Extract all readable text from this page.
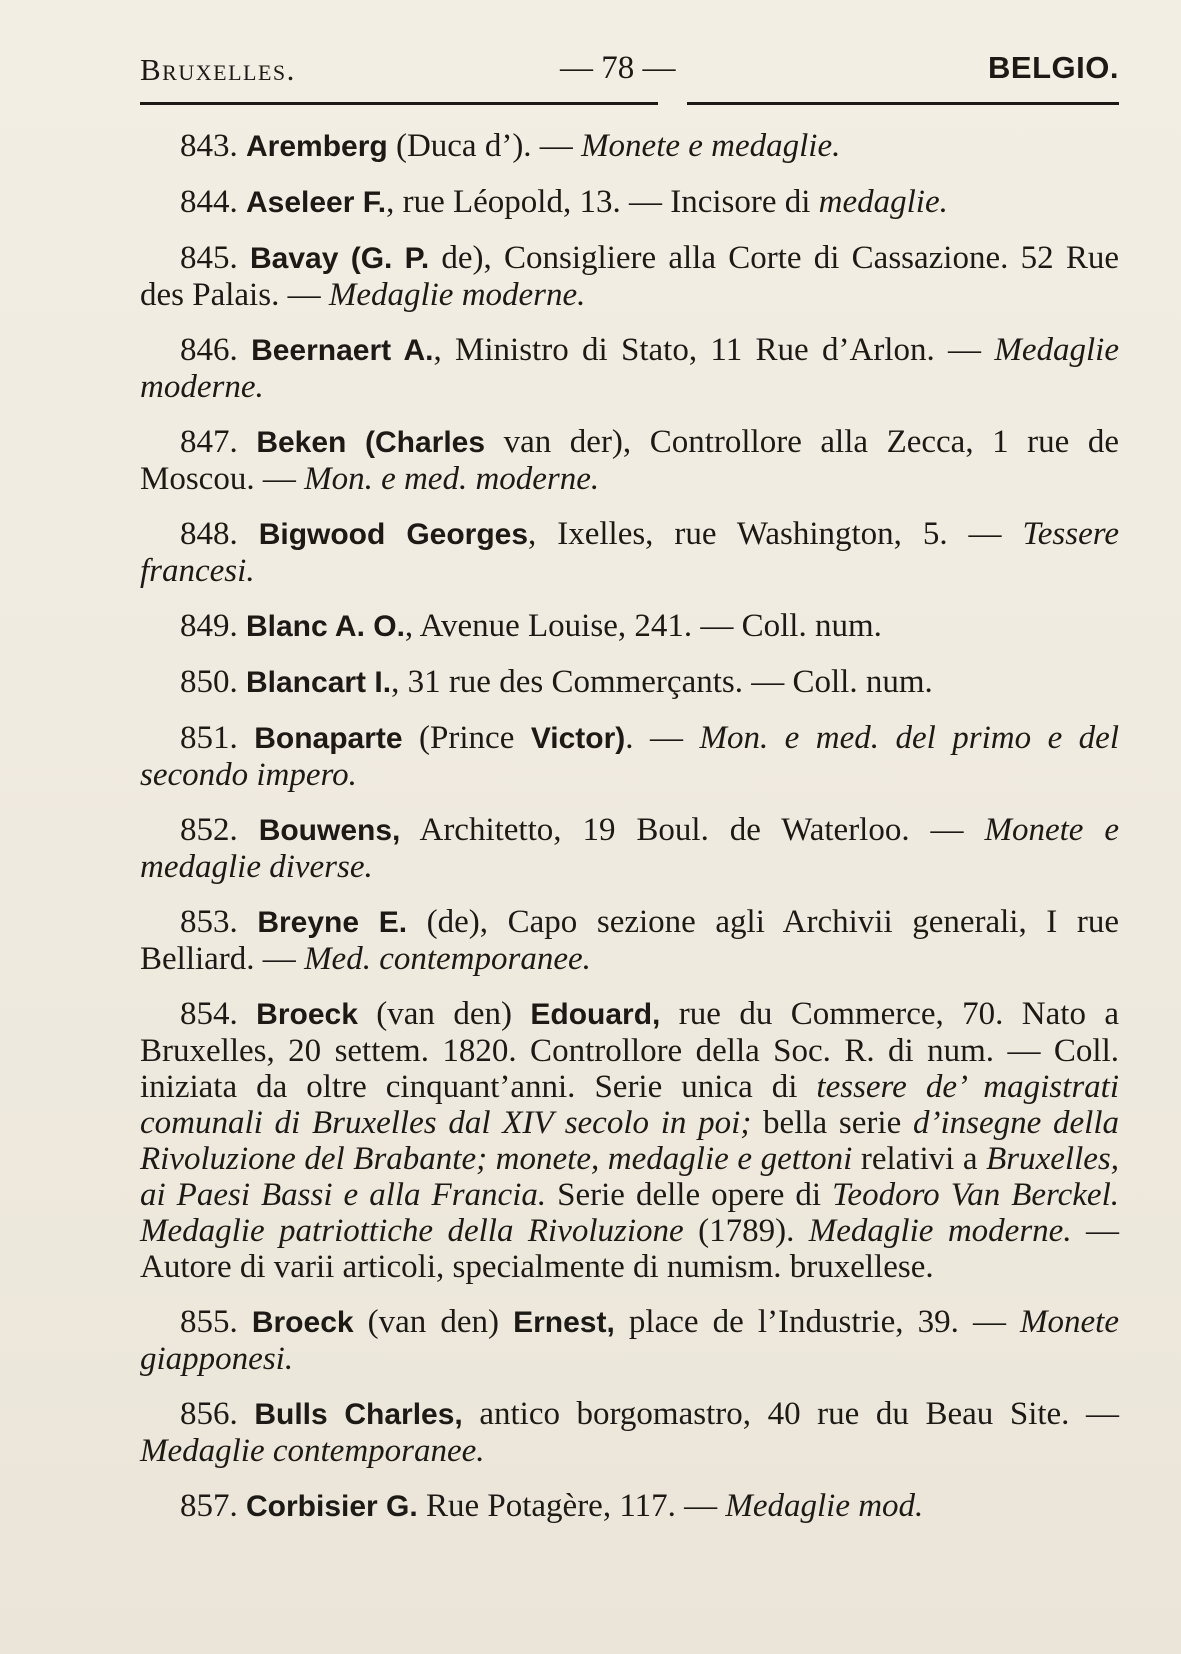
Bruxelles.	— 78 —	BELGIO.

843. Aremberg (Duca d’). — Monete e medaglie.

844. Aseleer F., rue Léopold, 13. — Incisore di medaglie.

845. Bavay (G. P. de), Consigliere alla Corte di Cassazione. 52 Rue des Palais. — Medaglie moderne.

846. Beernaert A., Ministro di Stato, 11 Rue d’Arlon. — Medaglie moderne.

847. Beken (Charles van der), Controllore alla Zecca, 1 rue de Moscou. — Mon. e med. moderne.

848. Bigwood Georges, Ixelles, rue Washington, 5. — Tessere francesi.

849. Blanc A. O., Avenue Louise, 241. — Coll. num.

850. Blancart I., 31 rue des Commerçants. — Coll. num.

851. Bonaparte (Prince Victor). — Mon. e med. del primo e del secondo impero.

852. Bouwens, Architetto, 19 Boul. de Waterloo. — Monete e medaglie diverse.

853. Breyne E. (de), Capo sezione agli Archivii generali, I rue Belliard. — Med. contemporanee.

854. Broeck (van den) Edouard, rue du Commerce, 70. Nato a Bruxelles, 20 settem. 1820. Controllore della Soc. R. di num. — Coll. iniziata da oltre cinquant’anni. Serie unica di tessere de’ magistrati comunali di Bruxelles dal XIV secolo in poi; bella serie d’insegne della Rivoluzione del Brabante; monete, medaglie e gettoni relativi a Bruxelles, ai Paesi Bassi e alla Francia. Serie delle opere di Teodoro Van Berckel. Medaglie patriottiche della Rivoluzione (1789). Medaglie moderne. — Autore di varii articoli, specialmente di numism. bruxellese.

855. Broeck (van den) Ernest, place de l’Industrie, 39. — Monete giapponesi.

856. Bulls Charles, antico borgomastro, 40 rue du Beau Site. — Medaglie contemporanee.

857. Corbisier G. Rue Potagère, 117. — Medaglie mod.
